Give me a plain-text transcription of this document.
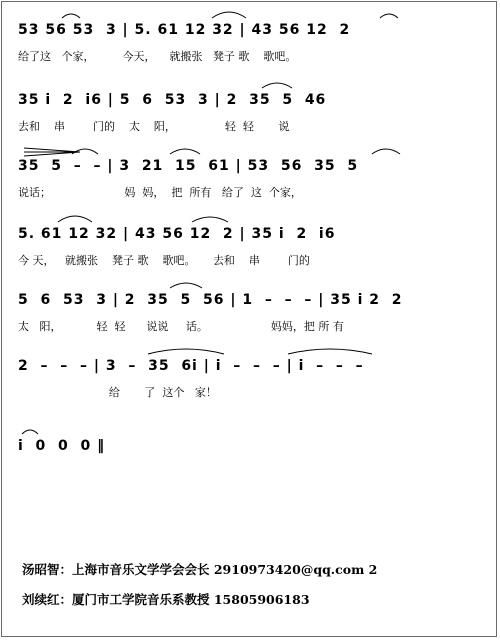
53 56 53  3 | 5. 61 12 32 | 43 56 12  2
给了这   个家，        今天，    就搬张   凳子 歌    歌吧。
35 i  2  i6 | 5  6  53  3 | 2  35  5  46
去和    串        门的    太    阳，              轻  轻       说
35  5  –  – | 3  21  15  61 | 53  56  35  5
说话；                     妈  妈，  把  所有   给了  这  个家，
5. 61 12 32 | 43 56 12  2 | 35 i  2  i6
今 天，   就搬张    凳子 歌    歌吧。     去和    串        门的
5  6  53  3 | 2  35  5  56 | 1  –  –  – | 35 i 2  2
太   阳，          轻  轻      说说     话。                  妈妈，把 所 有
2  –  –  – | 3  –  35  6i | i  –  –  – | i  –  –  –
给       了  这个   家！
i  0  0  0 ‖
汤昭智：上海市音乐文学学会会长 2910973420@qq.com 2
刘续红：厦门市工学院音乐系教授 15805906183
